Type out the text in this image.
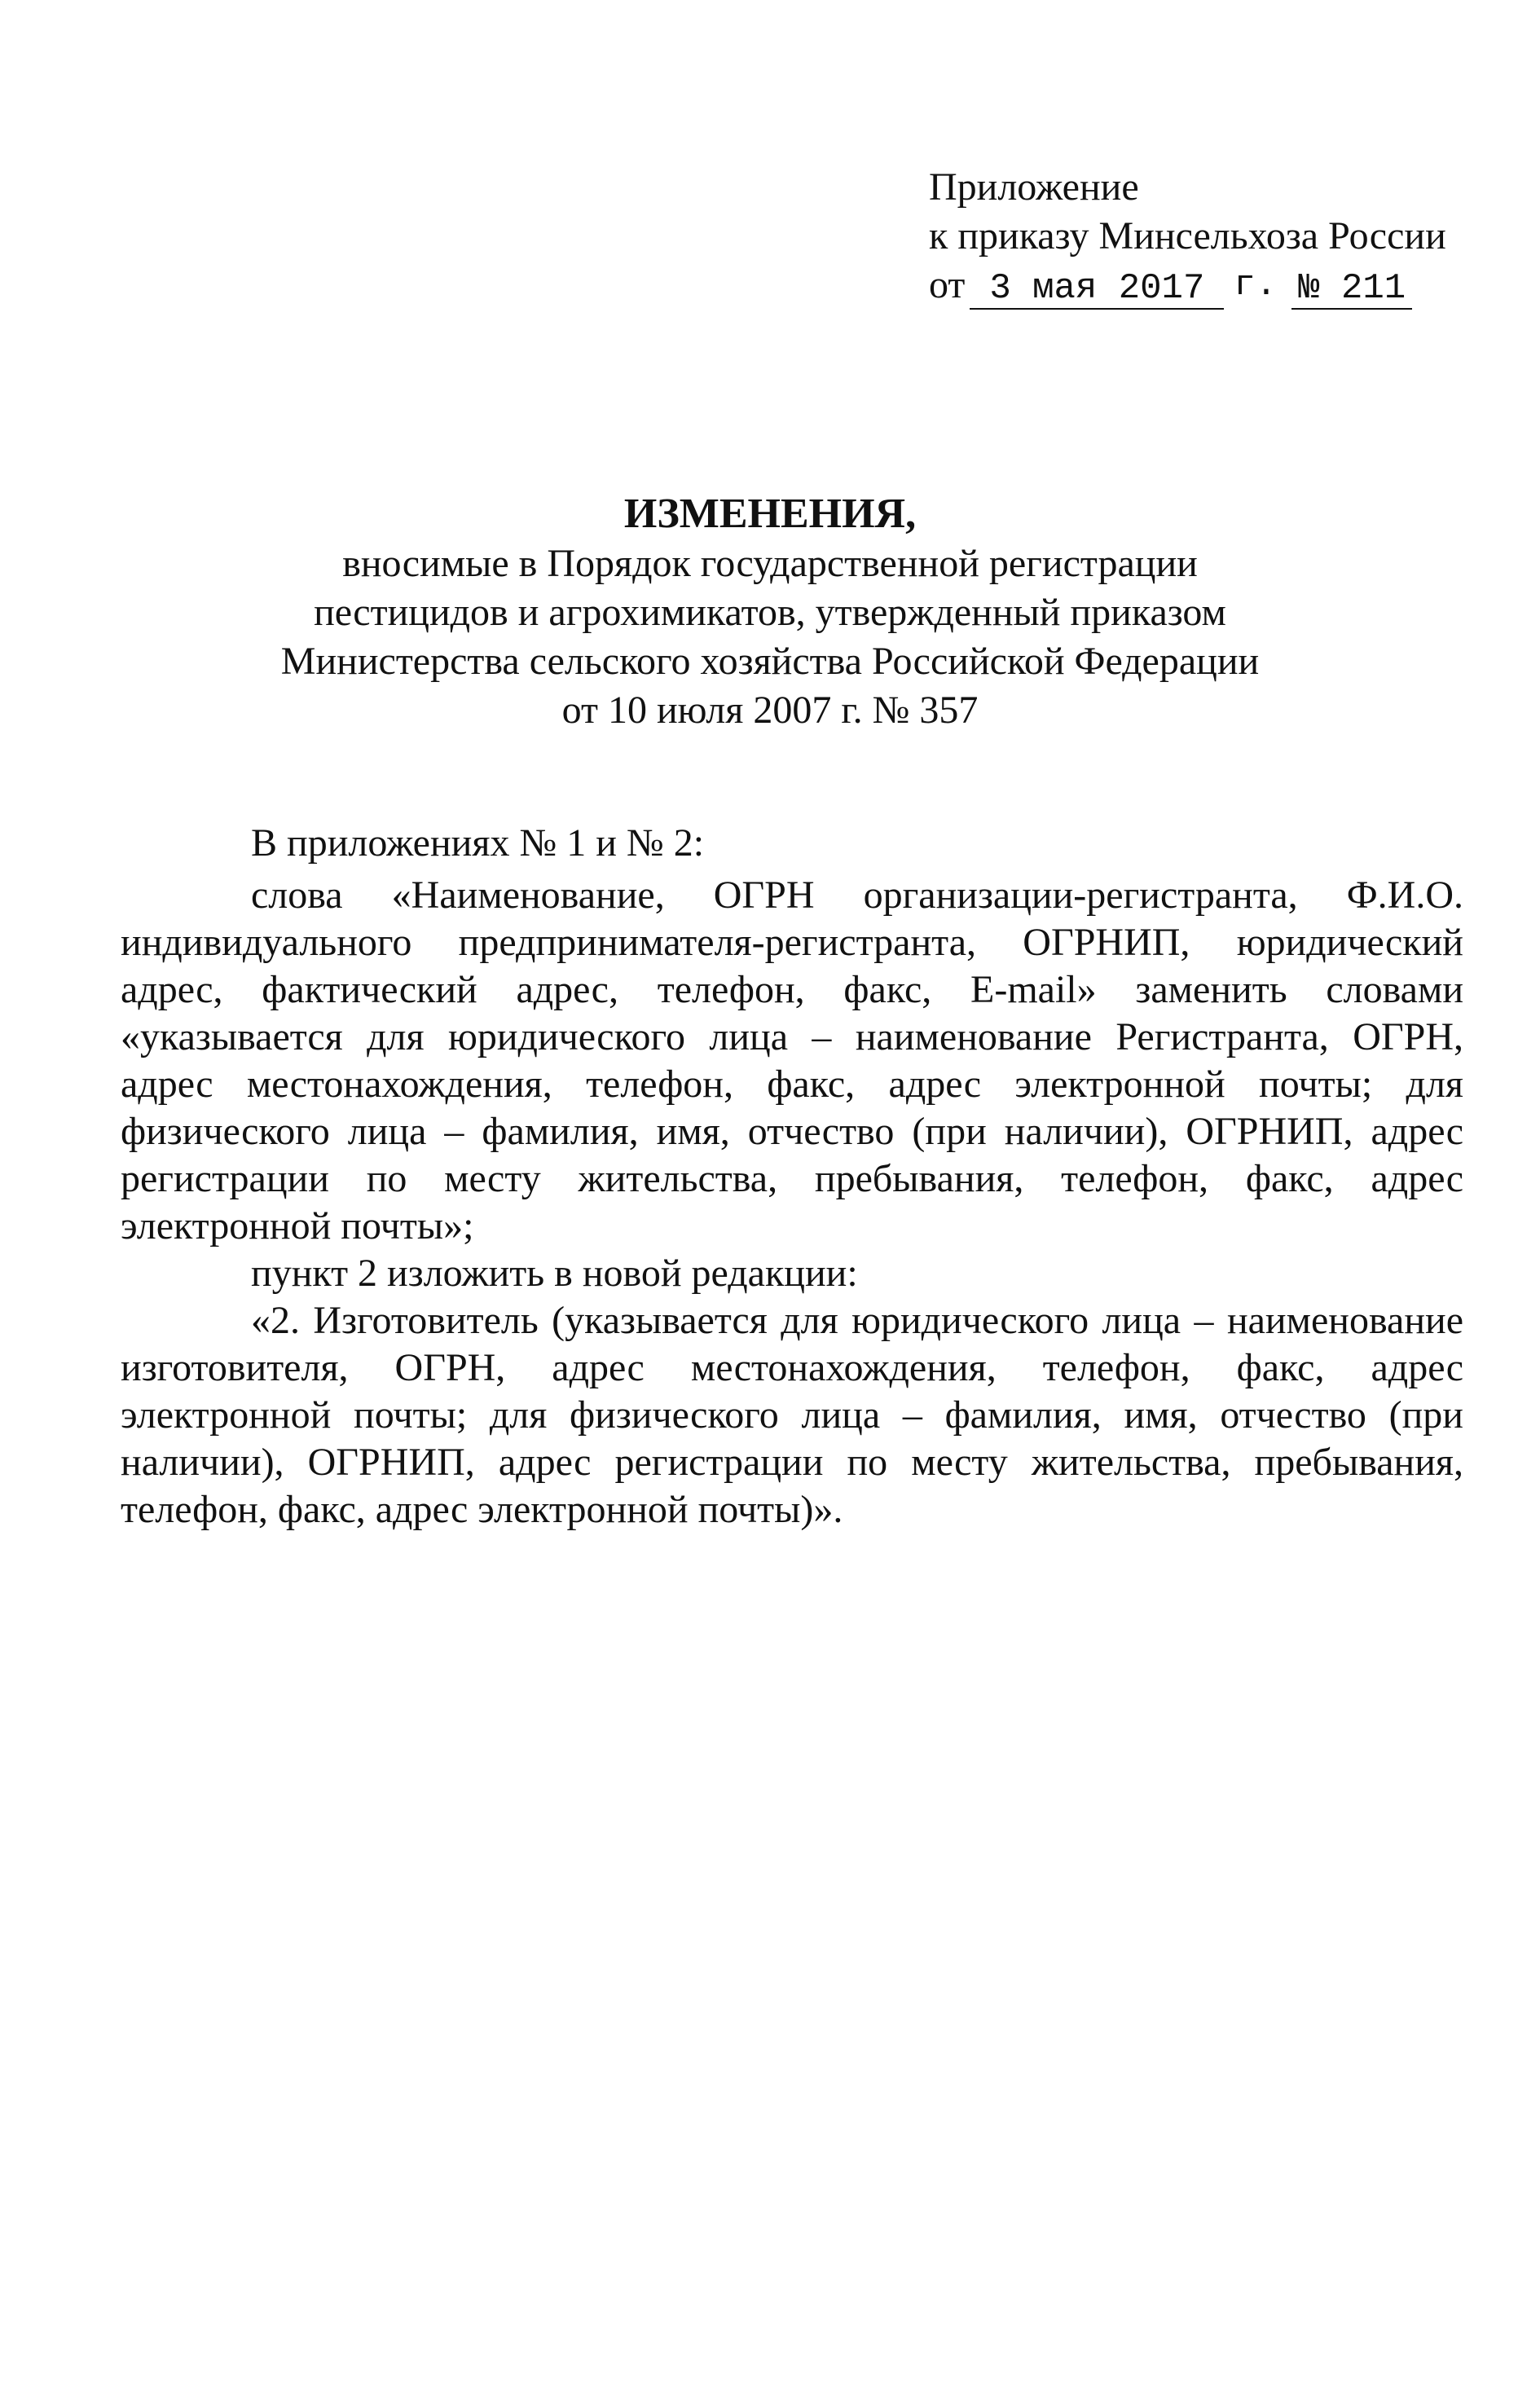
Приложение
к приказу Минсельхоза России
от 3 мая 2017 г. № 211

ИЗМЕНЕНИЯ,

вносимые в Порядок государственной регистрации

пестицидов и агрохимикатов, утвержденный приказом

Министерства сельского хозяйства Российской Федерации

от 10 июля 2007 г. № 357

В приложениях № 1 и № 2:

слова «Наименование, ОГРН организации-регистранта, Ф.И.О. индивидуального предпринимателя-регистранта, ОГРНИП, юридический адрес, фактический адрес, телефон, факс, E-mail» заменить словами «указывается для юридического лица – наименование Регистранта, ОГРН, адрес местонахождения, телефон, факс, адрес электронной почты; для физического лица – фамилия, имя, отчество (при наличии), ОГРНИП, адрес регистрации по месту жительства, пребывания, телефон, факс, адрес электронной почты»;

пункт 2 изложить в новой редакции:

«2. Изготовитель (указывается для юридического лица – наименование изготовителя, ОГРН, адрес местонахождения, телефон, факс, адрес электронной почты; для физического лица – фамилия, имя, отчество (при наличии), ОГРНИП, адрес регистрации по месту жительства, пребывания, телефон, факс, адрес электронной почты)».
